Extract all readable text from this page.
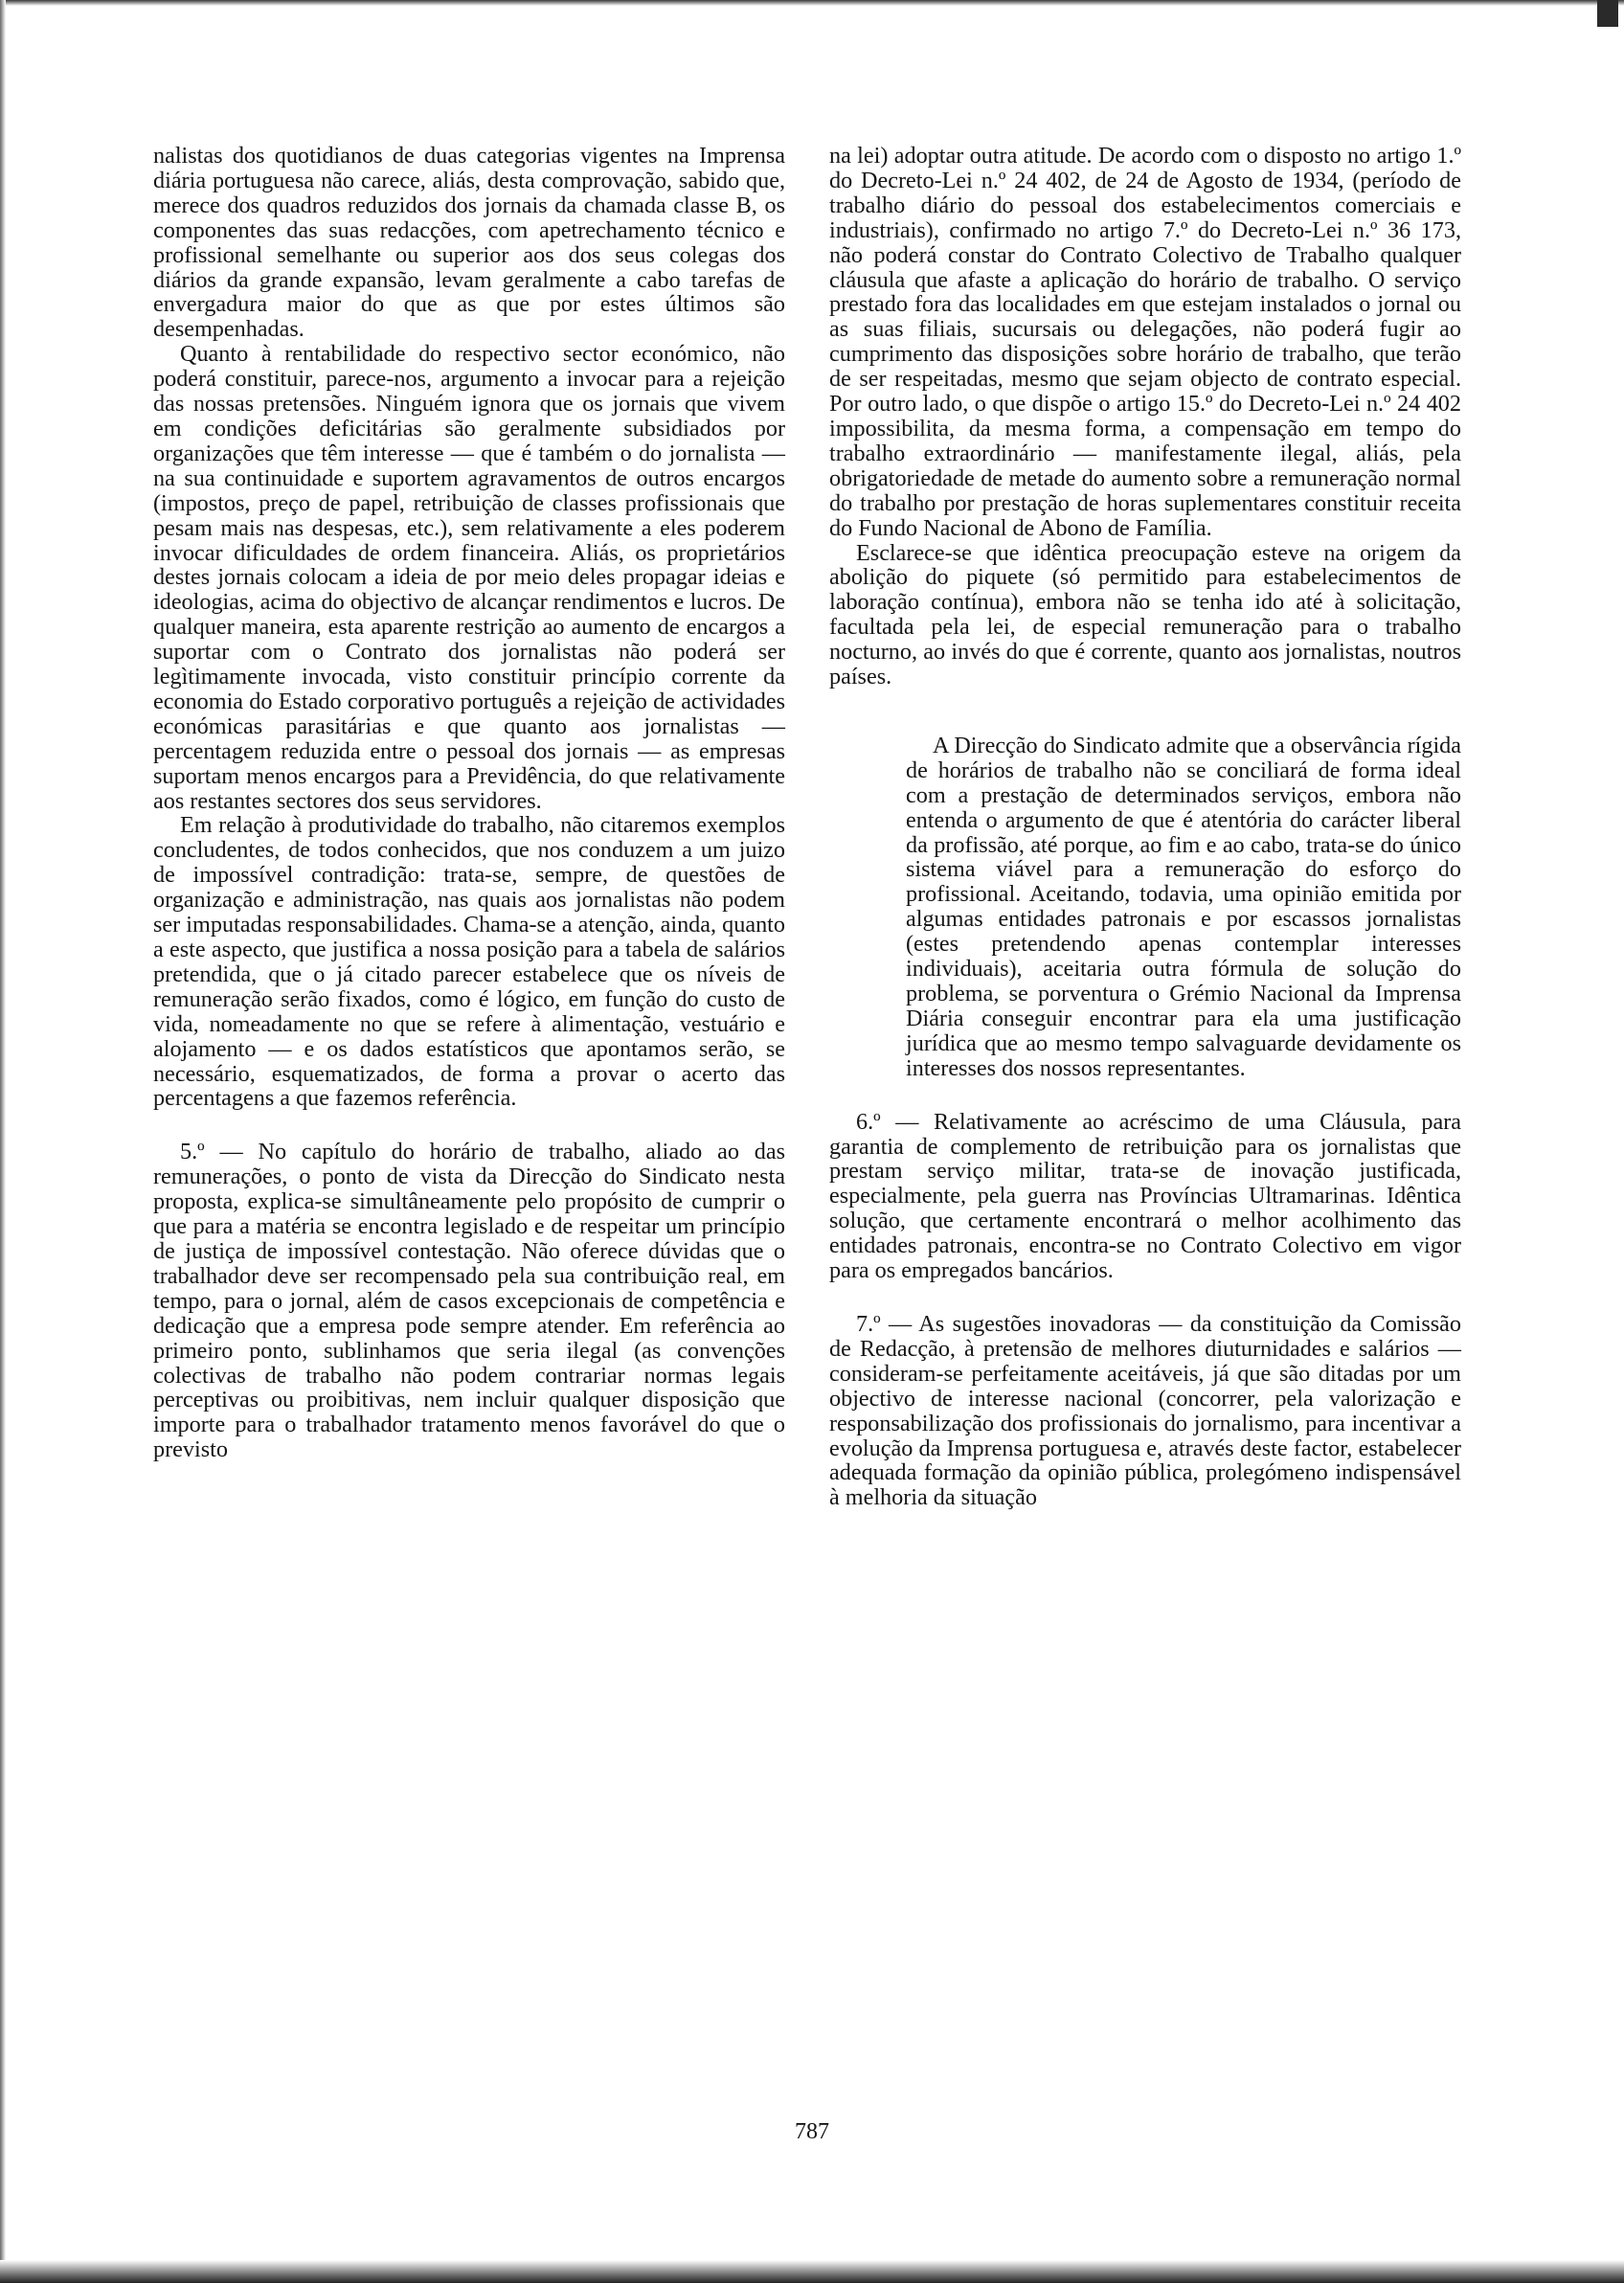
nalistas dos quotidianos de duas categorias vigentes na Imprensa diária portuguesa não carece, aliás, desta comprovação, sabido que, merece dos quadros reduzidos dos jornais da chamada classe B, os componentes das suas redacções, com apetrechamento técnico e profissional semelhante ou superior aos dos seus colegas dos diários da grande expansão, levam geralmente a cabo tarefas de envergadura maior do que as que por estes últimos são desempenhadas.

Quanto à rentabilidade do respectivo sector económico, não poderá constituir, parece-nos, argumento a invocar para a rejeição das nossas pretensões. Ninguém ignora que os jornais que vivem em condições deficitárias são geralmente subsidiados por organizações que têm interesse — que é também o do jornalista — na sua continuidade e suportem agravamentos de outros encargos (impostos, preço de papel, retribuição de classes profissionais que pesam mais nas despesas, etc.), sem relativamente a eles poderem invocar dificuldades de ordem financeira. Aliás, os proprietários destes jornais colocam a ideia de por meio deles propagar ideias e ideologias, acima do objectivo de alcançar rendimentos e lucros. De qualquer maneira, esta aparente restrição ao aumento de encargos a suportar com o Contrato dos jornalistas não poderá ser legìtimamente invocada, visto constituir princípio corrente da economia do Estado corporativo português a rejeição de actividades económicas parasitárias e que quanto aos jornalistas — percentagem reduzida entre o pessoal dos jornais — as empresas suportam menos encargos para a Previdência, do que relativamente aos restantes sectores dos seus servidores.

Em relação à produtividade do trabalho, não citaremos exemplos concludentes, de todos conhecidos, que nos conduzem a um juizo de impossível contradição: trata-se, sempre, de questões de organização e administração, nas quais aos jornalistas não podem ser imputadas responsabilidades. Chama-se a atenção, ainda, quanto a este aspecto, que justifica a nossa posição para a tabela de salários pretendida, que o já citado parecer estabelece que os níveis de remuneração serão fixados, como é lógico, em função do custo de vida, nomeadamente no que se refere à alimentação, vestuário e alojamento — e os dados estatísticos que apontamos serão, se necessário, esquematizados, de forma a provar o acerto das percentagens a que fazemos referência.

5.º — No capítulo do horário de trabalho, aliado ao das remunerações, o ponto de vista da Direcção do Sindicato nesta proposta, explica-se simultâneamente pelo propósito de cumprir o que para a matéria se encontra legislado e de respeitar um princípio de justiça de impossível contestação. Não oferece dúvidas que o trabalhador deve ser recompensado pela sua contribuição real, em tempo, para o jornal, além de casos excepcionais de competência e dedicação que a empresa pode sempre atender. Em referência ao primeiro ponto, sublinhamos que seria ilegal (as convenções colectivas de trabalho não podem contrariar normas legais perceptivas ou proibitivas, nem incluir qualquer disposição que importe para o trabalhador tratamento menos favorável do que o previsto

na lei) adoptar outra atitude. De acordo com o disposto no artigo 1.º do Decreto-Lei n.º 24 402, de 24 de Agosto de 1934, (período de trabalho diário do pessoal dos estabelecimentos comerciais e industriais), confirmado no artigo 7.º do Decreto-Lei n.º 36 173, não poderá constar do Contrato Colectivo de Trabalho qualquer cláusula que afaste a aplicação do horário de trabalho. O serviço prestado fora das localidades em que estejam instalados o jornal ou as suas filiais, sucursais ou delegações, não poderá fugir ao cumprimento das disposições sobre horário de trabalho, que terão de ser respeitadas, mesmo que sejam objecto de contrato especial. Por outro lado, o que dispõe o artigo 15.º do Decreto-Lei n.º 24 402 impossibilita, da mesma forma, a compensação em tempo do trabalho extraordinário — manifestamente ilegal, aliás, pela obrigatoriedade de metade do aumento sobre a remuneração normal do trabalho por prestação de horas suplementares constituir receita do Fundo Nacional de Abono de Família.

Esclarece-se que idêntica preocupação esteve na origem da abolição do piquete (só permitido para estabelecimentos de laboração contínua), embora não se tenha ido até à solicitação, facultada pela lei, de especial remuneração para o trabalho nocturno, ao invés do que é corrente, quanto aos jornalistas, noutros países.

A Direcção do Sindicato admite que a observância rígida de horários de trabalho não se conciliará de forma ideal com a prestação de determinados serviços, embora não entenda o argumento de que é atentória do carácter liberal da profissão, até porque, ao fim e ao cabo, trata-se do único sistema viável para a remuneração do esforço do profissional. Aceitando, todavia, uma opinião emitida por algumas entidades patronais e por escassos jornalistas (estes pretendendo apenas contemplar interesses individuais), aceitaria outra fórmula de solução do problema, se porventura o Grémio Nacional da Imprensa Diária conseguir encontrar para ela uma justificação jurídica que ao mesmo tempo salvaguarde devidamente os interesses dos nossos representantes.

6.º — Relativamente ao acréscimo de uma Cláusula, para garantia de complemento de retribuição para os jornalistas que prestam serviço militar, trata-se de inovação justificada, especialmente, pela guerra nas Províncias Ultramarinas. Idêntica solução, que certamente encontrará o melhor acolhimento das entidades patronais, encontra-se no Contrato Colectivo em vigor para os empregados bancários.

7.º — As sugestões inovadoras — da constituição da Comissão de Redacção, à pretensão de melhores diuturnidades e salários — consideram-se perfeitamente aceitáveis, já que são ditadas por um objectivo de interesse nacional (concorrer, pela valorização e responsabilização dos profissionais do jornalismo, para incentivar a evolução da Imprensa portuguesa e, através deste factor, estabelecer adequada formação da opinião pública, prolegómeno indispensável à melhoria da situação

787
